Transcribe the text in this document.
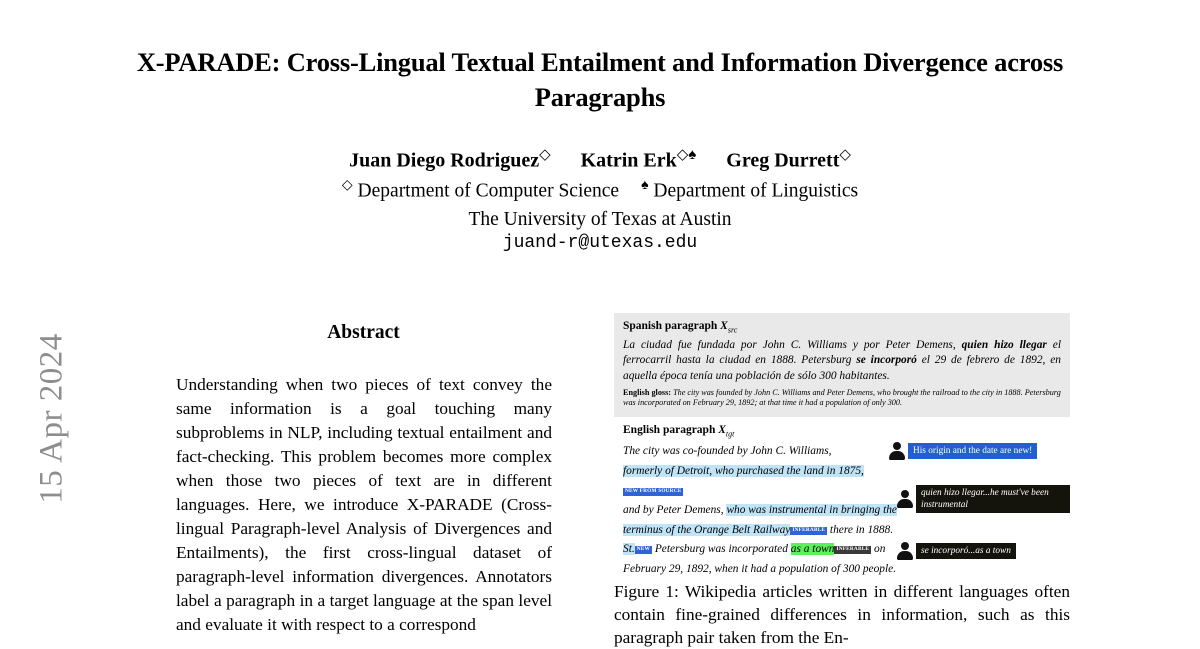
15 Apr 2024
X-PARADE: Cross-Lingual Textual Entailment and Information Divergence across Paragraphs
Juan Diego Rodriguez◇ Katrin Erk◇♠ Greg Durrett◇
◇ Department of Computer Science ♠ Department of Linguistics
The University of Texas at Austin
juand-r@utexas.edu
Abstract

Understanding when two pieces of text convey the same information is a goal touching many subproblems in NLP, including textual entailment and fact-checking. This problem becomes more complex when those two pieces of text are in different languages. Here, we introduce X-PARADE (Cross-lingual Paragraph-level Analysis of Divergences and Entailments), the first cross-lingual dataset of paragraph-level information divergences. Annotators label a paragraph in a target language at the span level and evaluate it with respect to a correspond

Spanish paragraph $X_{src}$
La ciudad fue fundada por John C. Williams y por Peter Demens, quien hizo llegar el ferrocarril hasta la ciudad en 1888. Petersburg se incorporó el 29 de febrero de 1892, en aquella época tenía una población de sólo 300 habitantes.
English gloss: The city was founded by John C. Williams and Peter Demens, who brought the railroad to the city in 1888. Petersburg was incorporated on February 29, 1892; at that time it had a population of only 300.
English paragraph $X_{tgt}$
The city was co-founded by John C. Williams,
formerly of Detroit, who purchased the land in 1875,NEW FROM SOURCE
and by Peter Demens, who was instrumental in bringing the terminus of the Orange Belt Railway INFERABLE there in 1888. St. NEW Petersburg was incorporated as a town INFERABLE on February 29, 1892, when it had a population of 300 people.
His origin and the date are new!
quien hizo llegar...he must've been instrumental
se incorporó...as a town
Figure 1: Wikipedia articles written in different languages often contain fine-grained differences in information, such as this paragraph pair taken from the En-
